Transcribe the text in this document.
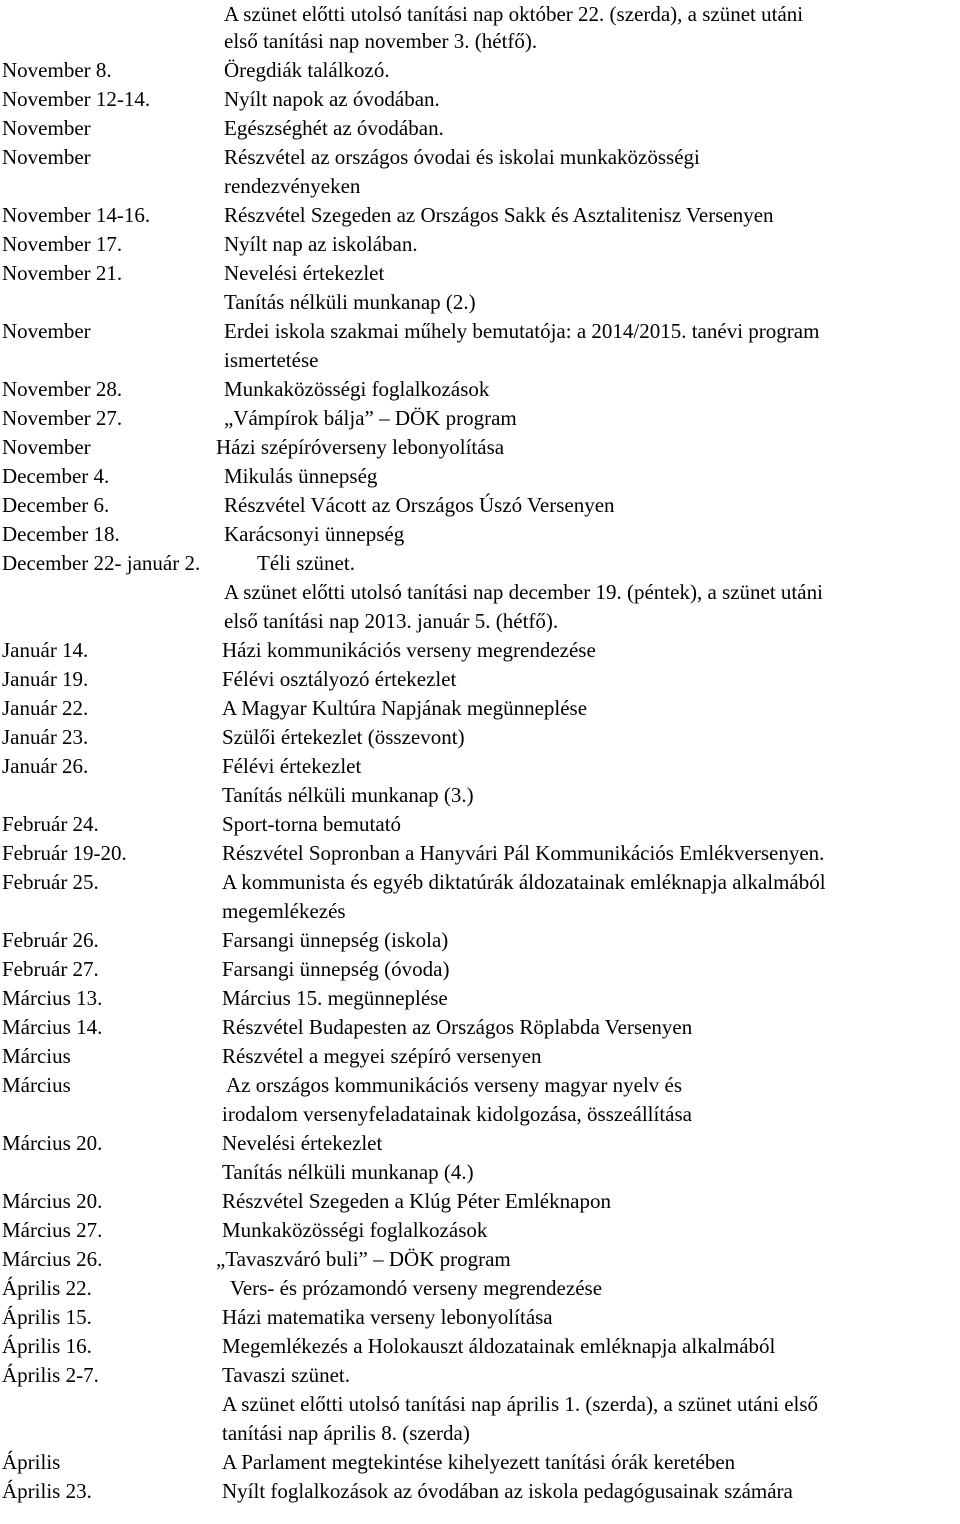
A szünet előtti utolsó tanítási nap október 22. (szerda), a szünet utáni
első tanítási nap november 3. (hétfő).
November 8.	Öregdiák találkozó.
November 12-14.	Nyílt napok az óvodában.
November	Egészséghét az óvodában.
November	Részvétel az országos óvodai és iskolai munkaközösségi
rendezvényeken
November 14-16.	Részvétel Szegeden az Országos Sakk és Asztalitenisz Versenyen
November 17.	Nyílt nap az iskolában.
November 21.	Nevelési értekezlet
Tanítás nélküli munkanap (2.)
November	Erdei iskola szakmai műhely bemutatója: a 2014/2015. tanévi program
ismertetése
November 28.	Munkaközösségi foglalkozások
November 27.	„Vámpírok bálja” – DÖK program
November	Házi szépíróverseny lebonyolítása
December 4.	Mikulás ünnepség
December 6.	Részvétel Vácott az Országos Úszó Versenyen
December 18.	Karácsonyi ünnepség
December 22- január 2.	Téli szünet.
A szünet előtti utolsó tanítási nap december 19. (péntek), a szünet utáni
első tanítási nap 2013. január 5. (hétfő).
Január 14.	Házi kommunikációs verseny megrendezése
Január 19.	Félévi osztályozó értekezlet
Január 22.	A Magyar Kultúra Napjának megünneplése
Január 23.	Szülői értekezlet (összevont)
Január 26.	Félévi értekezlet
Tanítás nélküli munkanap (3.)
Február 24.	Sport-torna bemutató
Február 19-20.	Részvétel Sopronban a Hanyvári Pál Kommunikációs Emlékversenyen.
Február 25.	A kommunista és egyéb diktatúrák áldozatainak emléknapja alkalmából
megemlékezés
Február 26.	Farsangi ünnepség (iskola)
Február 27.	Farsangi ünnepség (óvoda)
Március 13.	Március 15. megünneplése
Március 14.	Részvétel Budapesten az Országos Röplabda Versenyen
Március	Részvétel a megyei szépíró versenyen
Március	Az országos kommunikációs verseny magyar nyelv és
irodalom versenyfeladatainak kidolgozása, összeállítása
Március 20.	Nevelési értekezlet
Tanítás nélküli munkanap (4.)
Március 20.	Részvétel Szegeden a Klúg Péter Emléknapon
Március 27.	Munkaközösségi foglalkozások
Március 26.	„Tavaszváró buli” – DÖK program
Április 22.	Vers- és prózamondó verseny megrendezése
Április 15.	Házi matematika verseny lebonyolítása
Április 16.	Megemlékezés a Holokauszt áldozatainak emléknapja alkalmából
Április 2-7.	Tavaszi szünet.
A szünet előtti utolsó tanítási nap április 1. (szerda), a szünet utáni első
tanítási nap április 8. (szerda)
Április	A Parlament megtekintése kihelyezett tanítási órák keretében
Április 23.	Nyílt foglalkozások az óvodában az iskola pedagógusainak számára
